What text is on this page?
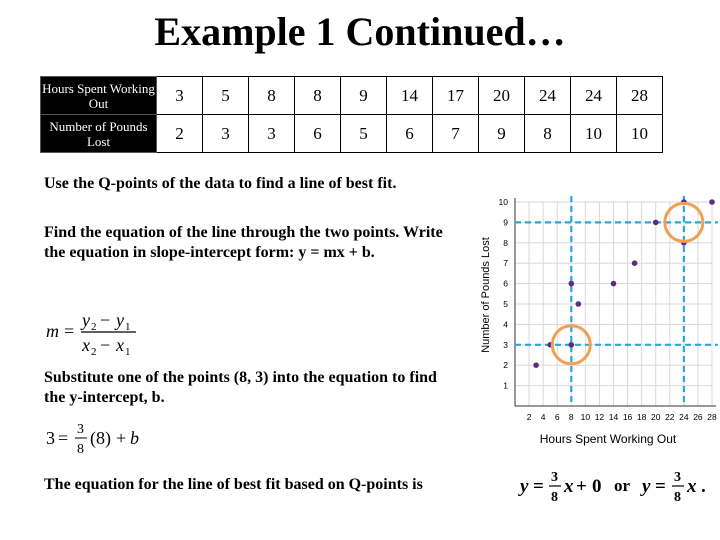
Example 1 Continued…
Hours Spent Working Out	3	5	8	8	9	14	17	20	24	24	28
Number of Pounds Lost	2	3	3	6	5	6	7	9	8	10	10
Use the Q-points of the data to find a line of best fit.
Find the equation of the line through the two points. Write the equation in slope-intercept form: y = mx + b.
m =
y 2 − y 1
x 2 − x 1
Substitute one of the points (8, 3) into the equation to find the y-intercept, b.
3 = 3
8
(8) + b
2 4 6 8 10 12 14 16 18 20 22 24 26 28
1
2
3
4
5
6
7
8
9
10
Number of Pounds Lost
Hours Spent Working Out
The equation for the line of best fit based on Q-points is	y = 3
8
x + 0 or y = 3
8
x .
